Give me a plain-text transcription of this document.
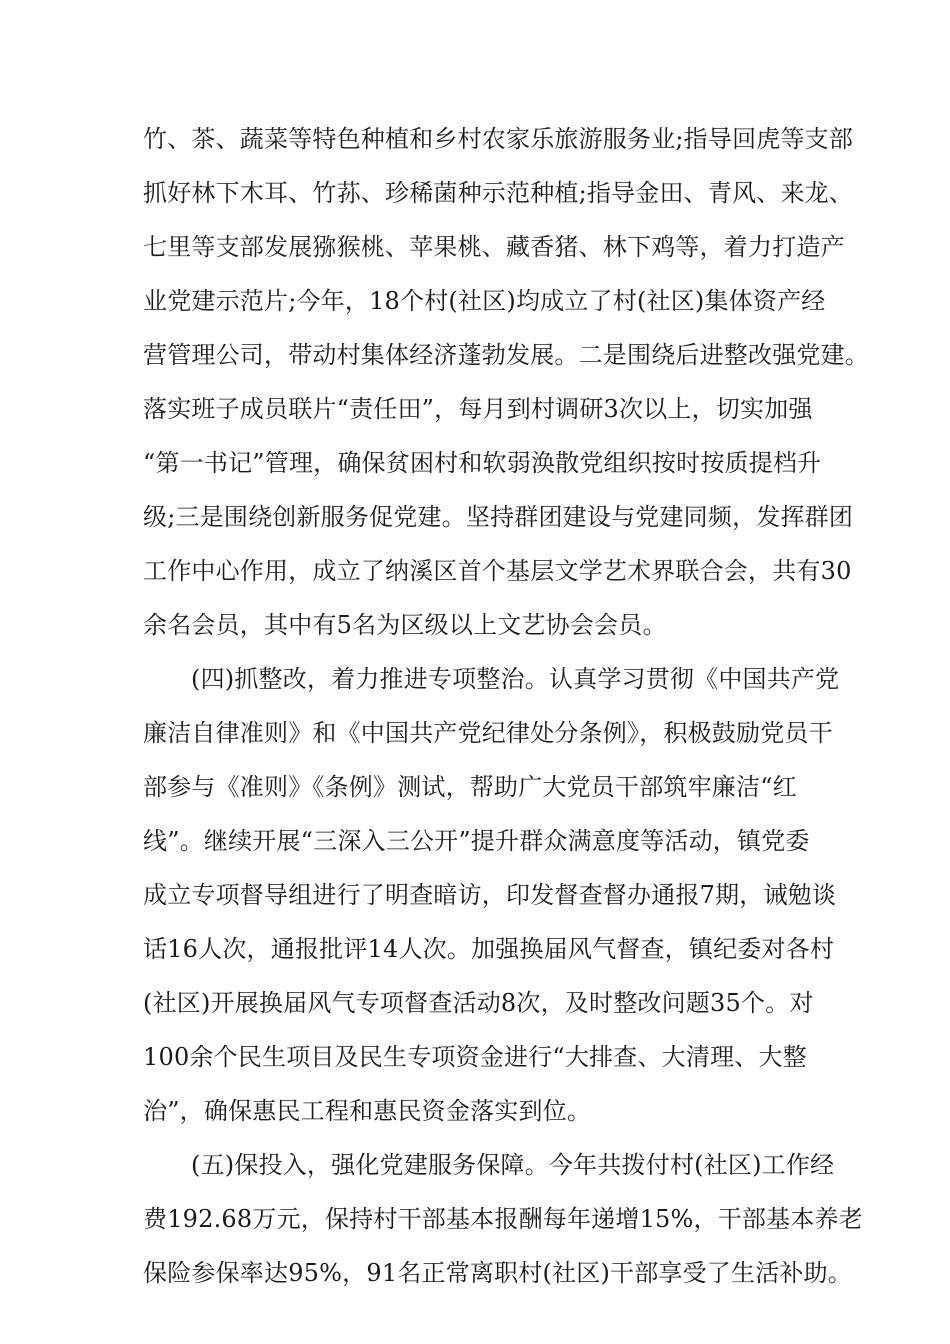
竹、茶、蔬菜等特色种植和乡村农家乐旅游服务业;指导回虎等支部
抓好林下木耳、竹荪、珍稀菌种示范种植;指导金田、青风、来龙、
七里等支部发展猕猴桃、苹果桃、藏香猪、林下鸡等，着力打造产
业党建示范片;今年，18个村(社区)均成立了村(社区)集体资产经
营管理公司，带动村集体经济蓬勃发展。二是围绕后进整改强党建。
落实班子成员联片“责任田”，每月到村调研3次以上，切实加强
“第一书记”管理，确保贫困村和软弱涣散党组织按时按质提档升
级;三是围绕创新服务促党建。坚持群团建设与党建同频，发挥群团
工作中心作用，成立了纳溪区首个基层文学艺术界联合会，共有30
余名会员，其中有5名为区级以上文艺协会会员。
(四)抓整改，着力推进专项整治。认真学习贯彻《中国共产党
廉洁自律准则》和《中国共产党纪律处分条例》，积极鼓励党员干
部参与《准则》《条例》测试，帮助广大党员干部筑牢廉洁“红
线”。继续开展“三深入三公开”提升群众满意度等活动，镇党委
成立专项督导组进行了明查暗访，印发督查督办通报7期，诫勉谈
话16人次，通报批评14人次。加强换届风气督查，镇纪委对各村
(社区)开展换届风气专项督查活动8次，及时整改问题35个。对
100余个民生项目及民生专项资金进行“大排查、大清理、大整
治”，确保惠民工程和惠民资金落实到位。
(五)保投入，强化党建服务保障。今年共拨付村(社区)工作经
费192.68万元，保持村干部基本报酬每年递增15%，干部基本养老
保险参保率达95%，91名正常离职村(社区)干部享受了生活补助。
